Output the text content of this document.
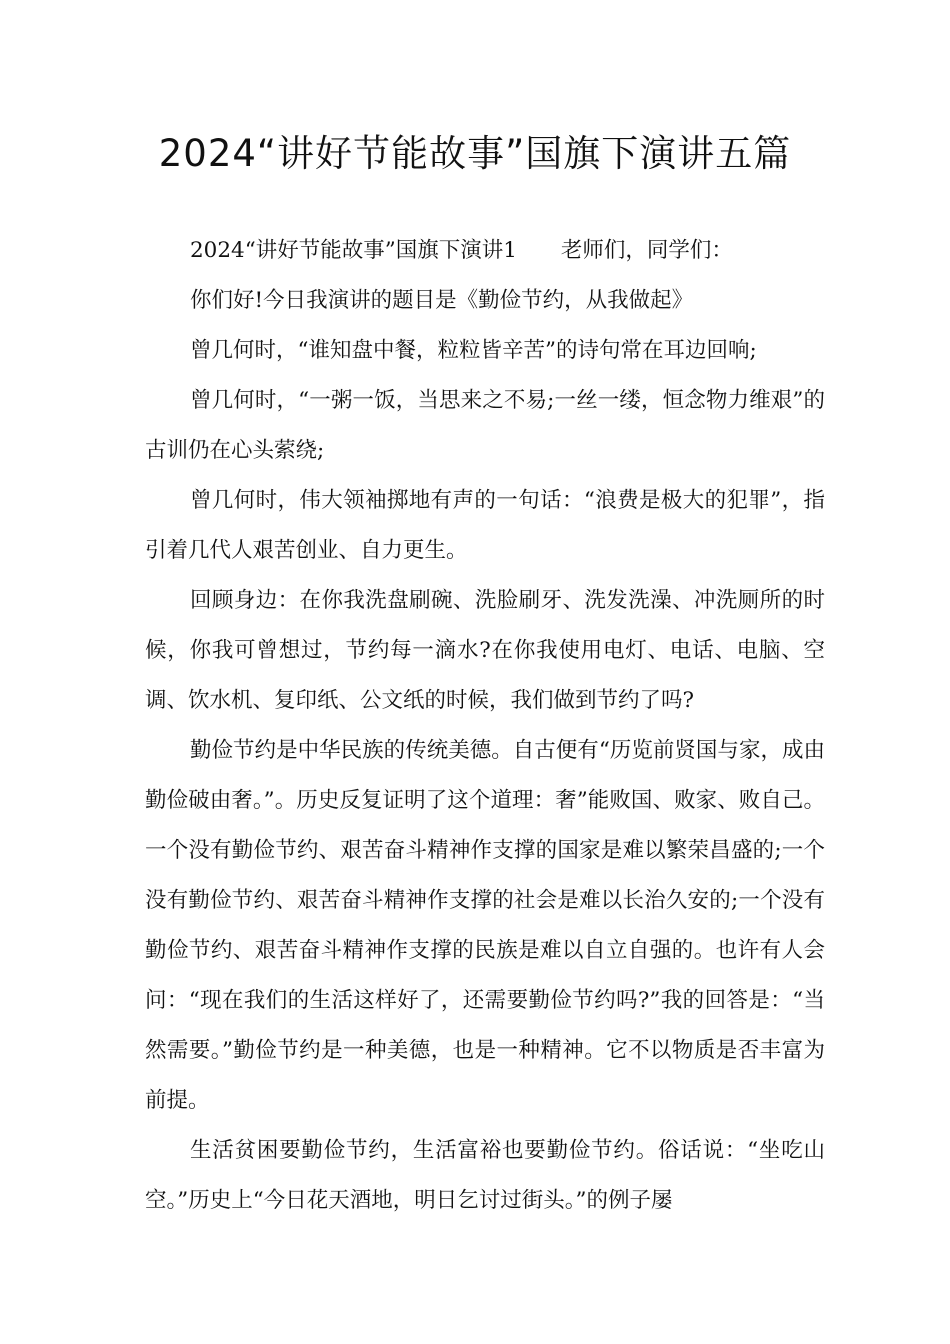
2024“讲好节能故事”国旗下演讲五篇

2024“讲好节能故事”国旗下演讲1 老师们，同学们：

你们好!今日我演讲的题目是《勤俭节约，从我做起》

曾几何时，“谁知盘中餐，粒粒皆辛苦”的诗句常在耳边回响;

曾几何时，“一粥一饭，当思来之不易;一丝一缕，恒念物力维艰”的古训仍在心头萦绕;

曾几何时，伟大领袖掷地有声的一句话：“浪费是极大的犯罪”，指引着几代人艰苦创业、自力更生。

回顾身边：在你我洗盘刷碗、洗脸刷牙、洗发洗澡、冲洗厕所的时候，你我可曾想过，节约每一滴水?在你我使用电灯、电话、电脑、空调、饮水机、复印纸、公文纸的时候，我们做到节约了吗?

勤俭节约是中华民族的传统美德。自古便有“历览前贤国与家，成由勤俭破由奢。”。历史反复证明了这个道理：奢”能败国、败家、败自己。一个没有勤俭节约、艰苦奋斗精神作支撑的国家是难以繁荣昌盛的;一个没有勤俭节约、艰苦奋斗精神作支撑的社会是难以长治久安的;一个没有勤俭节约、艰苦奋斗精神作支撑的民族是难以自立自强的。也许有人会问：“现在我们的生活这样好了，还需要勤俭节约吗?”我的回答是：“当然需要。”勤俭节约是一种美德，也是一种精神。它不以物质是否丰富为前提。

生活贫困要勤俭节约，生活富裕也要勤俭节约。俗话说：“坐吃山空。”历史上“今日花天酒地，明日乞讨过街头。”的例子屡
